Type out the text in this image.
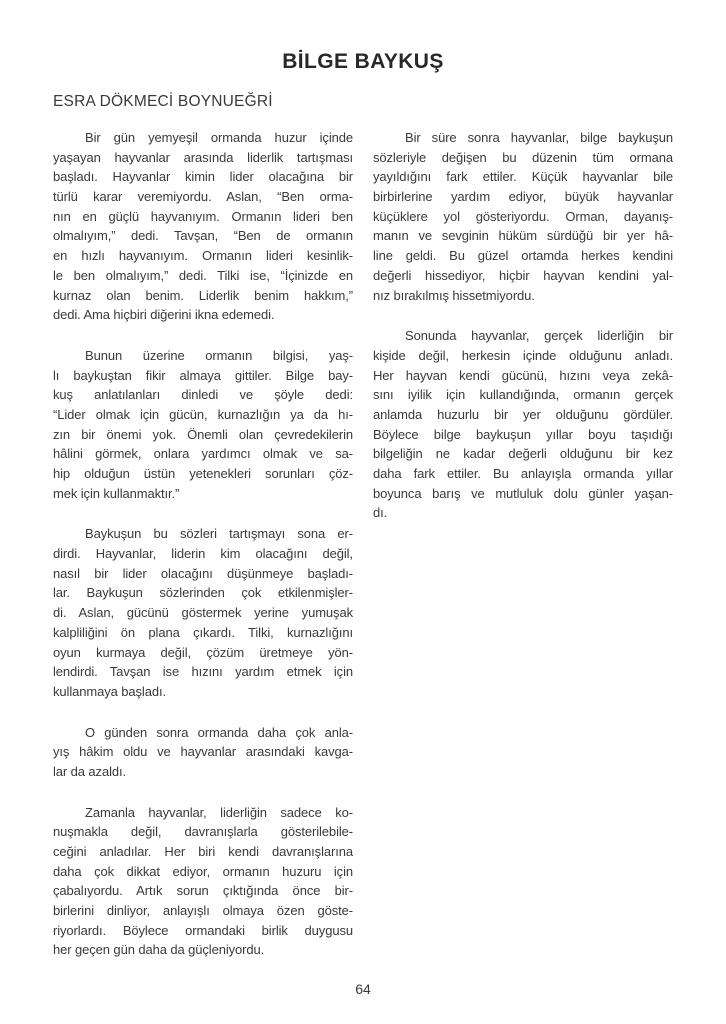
BİLGE BAYKUŞ
ESRA DÖKMECİ BOYNUEĞRİ
Bir gün yemyeşil ormanda huzur içinde
yaşayan hayvanlar arasında liderlik tartışması
başladı. Hayvanlar kimin lider olacağına bir
türlü karar veremiyordu. Aslan, “Ben orma-
nın en güçlü hayvanıyım. Ormanın lideri ben
olmalıyım,” dedi. Tavşan, “Ben de ormanın
en hızlı hayvanıyım. Ormanın lideri kesinlik-
le ben olmalıyım,” dedi. Tilki ise, “İçinizde en
kurnaz olan benim. Liderlik benim hakkım,”
dedi. Ama hiçbiri diğerini ikna edemedi.
Bunun üzerine ormanın bilgisi, yaş-
lı baykuştan fikir almaya gittiler. Bilge bay-
kuş anlatılanları dinledi ve şöyle dedi:
“Lider olmak için gücün, kurnazlığın ya da hı-
zın bir önemi yok. Önemli olan çevredekilerin
hâlini görmek, onlara yardımcı olmak ve sa-
hip olduğun üstün yetenekleri sorunları çöz-
mek için kullanmaktır.”
Baykuşun bu sözleri tartışmayı sona er-
dirdi. Hayvanlar, liderin kim olacağını değil,
nasıl bir lider olacağını düşünmeye başladı-
lar. Baykuşun sözlerinden çok etkilenmişler-
di. Aslan, gücünü göstermek yerine yumuşak
kalpliliğini ön plana çıkardı. Tilki, kurnazlığını
oyun kurmaya değil, çözüm üretmeye yön-
lendirdi. Tavşan ise hızını yardım etmek için
kullanmaya başladı.
O günden sonra ormanda daha çok anla-
yış hâkim oldu ve hayvanlar arasındaki kavga-
lar da azaldı.
Zamanla hayvanlar, liderliğin sadece ko-
nuşmakla değil, davranışlarla gösterilebile-
ceğini anladılar. Her biri kendi davranışlarına
daha çok dikkat ediyor, ormanın huzuru için
çabalıyordu. Artık sorun çıktığında önce bir-
birlerini dinliyor, anlayışlı olmaya özen göste-
riyorlardı. Böylece ormandaki birlik duygusu
her geçen gün daha da güçleniyordu.
Bir süre sonra hayvanlar, bilge baykuşun
sözleriyle değişen bu düzenin tüm ormana
yayıldığını fark ettiler. Küçük hayvanlar bile
birbirlerine yardım ediyor, büyük hayvanlar
küçüklere yol gösteriyordu. Orman, dayanış-
manın ve sevginin hüküm sürdüğü bir yer hâ-
line geldi. Bu güzel ortamda herkes kendini
değerli hissediyor, hiçbir hayvan kendini yal-
nız bırakılmış hissetmiyordu.
Sonunda hayvanlar, gerçek liderliğin bir
kişide değil, herkesin içinde olduğunu anladı.
Her hayvan kendi gücünü, hızını veya zekâ-
sını iyilik için kullandığında, ormanın gerçek
anlamda huzurlu bir yer olduğunu gördüler.
Böylece bilge baykuşun yıllar boyu taşıdığı
bilgeliğin ne kadar değerli olduğunu bir kez
daha fark ettiler. Bu anlayışla ormanda yıllar
boyunca barış ve mutluluk dolu günler yaşan-
dı.
64
